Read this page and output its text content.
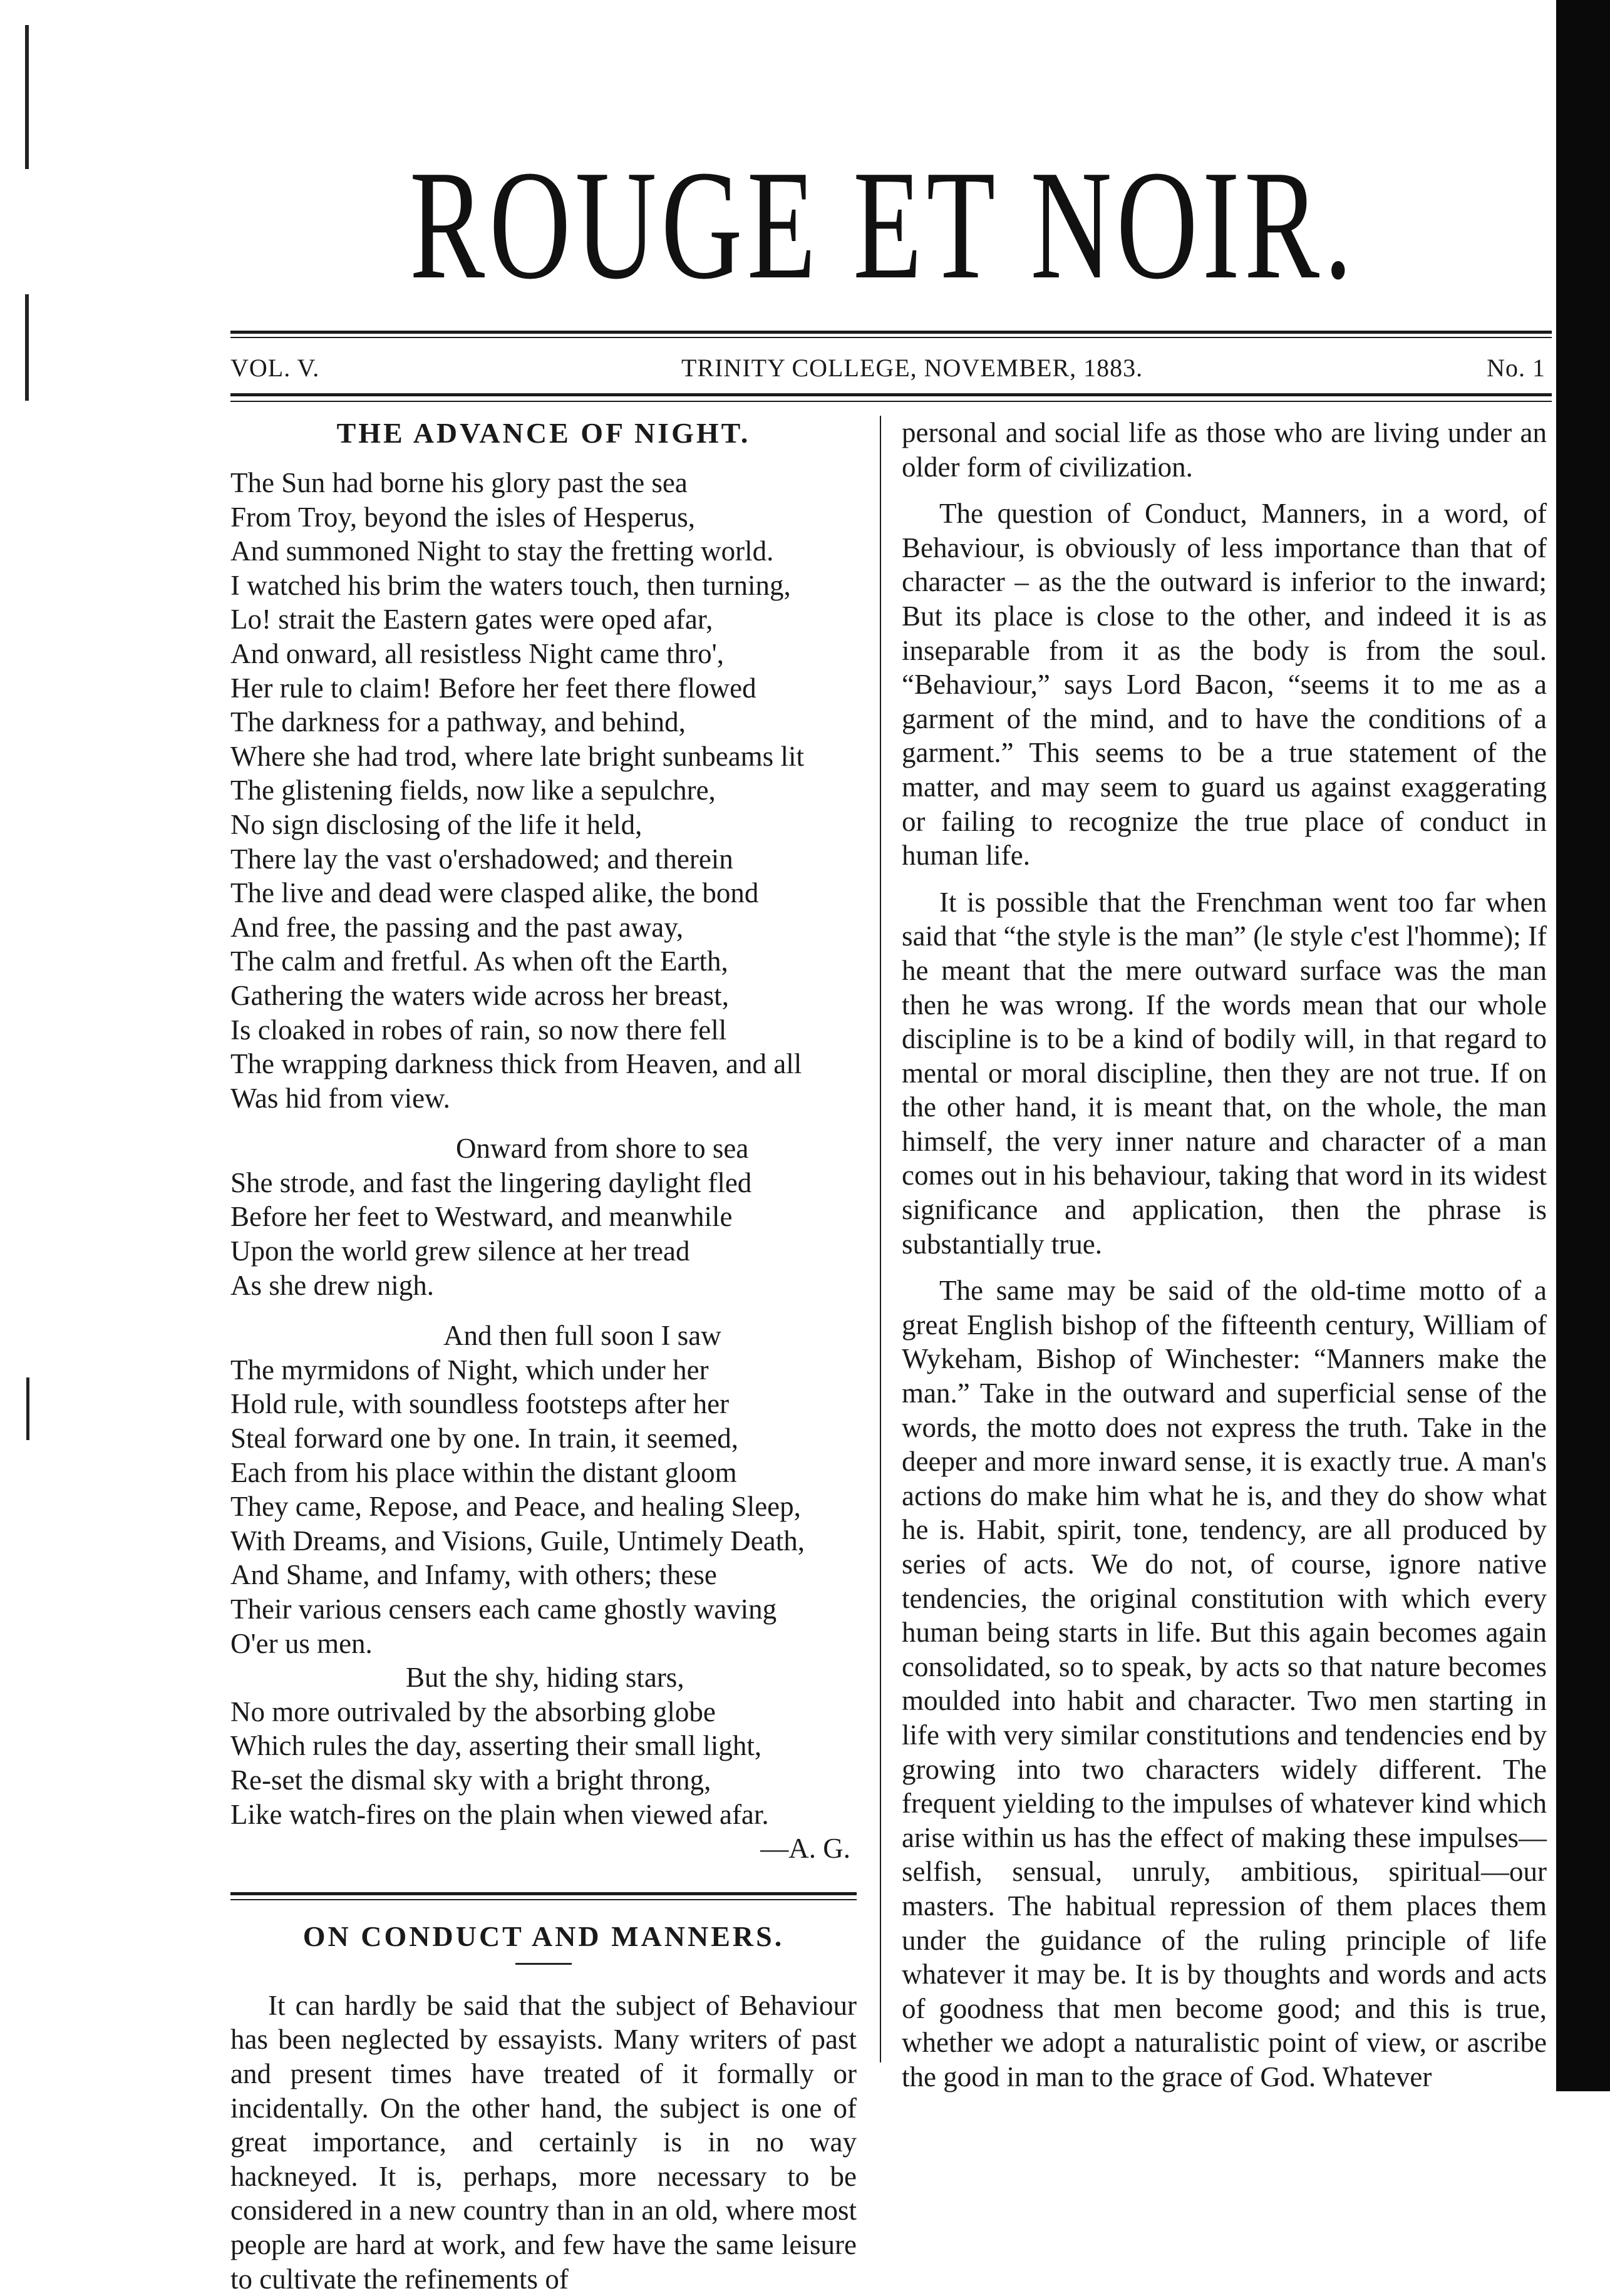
ROUGE ET NOIR.
VOL. V.	TRINITY COLLEGE, NOVEMBER, 1883.	No. 1
THE ADVANCE OF NIGHT.
The Sun had borne his glory past the sea
From Troy, beyond the isles of Hesperus,
And summoned Night to stay the fretting world.
I watched his brim the waters touch, then turning,
Lo! strait the Eastern gates were oped afar,
And onward, all resistless Night came thro',
Her rule to claim! Before her feet there flowed
The darkness for a pathway, and behind,
Where she had trod, where late bright sunbeams lit
The glistening fields, now like a sepulchre,
No sign disclosing of the life it held,
There lay the vast o'ershadowed; and therein
The live and dead were clasped alike, the bond
And free, the passing and the past away,
The calm and fretful. As when oft the Earth,
Gathering the waters wide across her breast,
Is cloaked in robes of rain, so now there fell
The wrapping darkness thick from Heaven, and all
Was hid from view.
Onward from shore to sea
She strode, and fast the lingering daylight fled
Before her feet to Westward, and meanwhile
Upon the world grew silence at her tread
As she drew nigh.
And then full soon I saw
The myrmidons of Night, which under her
Hold rule, with soundless footsteps after her
Steal forward one by one. In train, it seemed,
Each from his place within the distant gloom
They came, Repose, and Peace, and healing Sleep,
With Dreams, and Visions, Guile, Untimely Death,
And Shame, and Infamy, with others; these
Their various censers each came ghostly waving
O'er us men.
But the shy, hiding stars,
No more outrivaled by the absorbing globe
Which rules the day, asserting their small light,
Re-set the dismal sky with a bright throng,
Like watch-fires on the plain when viewed afar.
—A. G.
ON CONDUCT AND MANNERS.

It can hardly be said that the subject of Behaviour has been neglected by essayists. Many writers of past and present times have treated of it formally or incidentally. On the other hand, the subject is one of great importance, and certainly is in no way hackneyed. It is, perhaps, more necessary to be considered in a new country than in an old, where most people are hard at work, and few have the same leisure to cultivate the refinements of

personal and social life as those who are living under an older form of civilization.

The question of Conduct, Manners, in a word, of Behaviour, is obviously of less importance than that of character – as the the outward is inferior to the inward; But its place is close to the other, and indeed it is as inseparable from it as the body is from the soul. “Behaviour,” says Lord Bacon, “seems it to me as a garment of the mind, and to have the conditions of a garment.” This seems to be a true statement of the matter, and may seem to guard us against exaggerating or failing to recognize the true place of conduct in human life.

It is possible that the Frenchman went too far when said that “the style is the man” (le style c'est l'homme); If he meant that the mere outward surface was the man then he was wrong. If the words mean that our whole discipline is to be a kind of bodily will, in that regard to mental or moral discipline, then they are not true. If on the other hand, it is meant that, on the whole, the man himself, the very inner nature and character of a man comes out in his behaviour, taking that word in its widest significance and application, then the phrase is substantially true.

The same may be said of the old-time motto of a great English bishop of the fifteenth century, William of Wykeham, Bishop of Winchester: “Manners make the man.” Take in the outward and superficial sense of the words, the motto does not express the truth. Take in the deeper and more inward sense, it is exactly true. A man's actions do make him what he is, and they do show what he is. Habit, spirit, tone, tendency, are all produced by series of acts. We do not, of course, ignore native tendencies, the original constitution with which every human being starts in life. But this again becomes again consolidated, so to speak, by acts so that nature becomes moulded into habit and character. Two men starting in life with very similar constitutions and tendencies end by growing into two characters widely different. The frequent yielding to the impulses of whatever kind which arise within us has the effect of making these impulses—selfish, sensual, unruly, ambitious, spiritual—our masters. The habitual repression of them places them under the guidance of the ruling principle of life whatever it may be. It is by thoughts and words and acts of goodness that men become good; and this is true, whether we adopt a naturalistic point of view, or ascribe the good in man to the grace of God. Whatever
